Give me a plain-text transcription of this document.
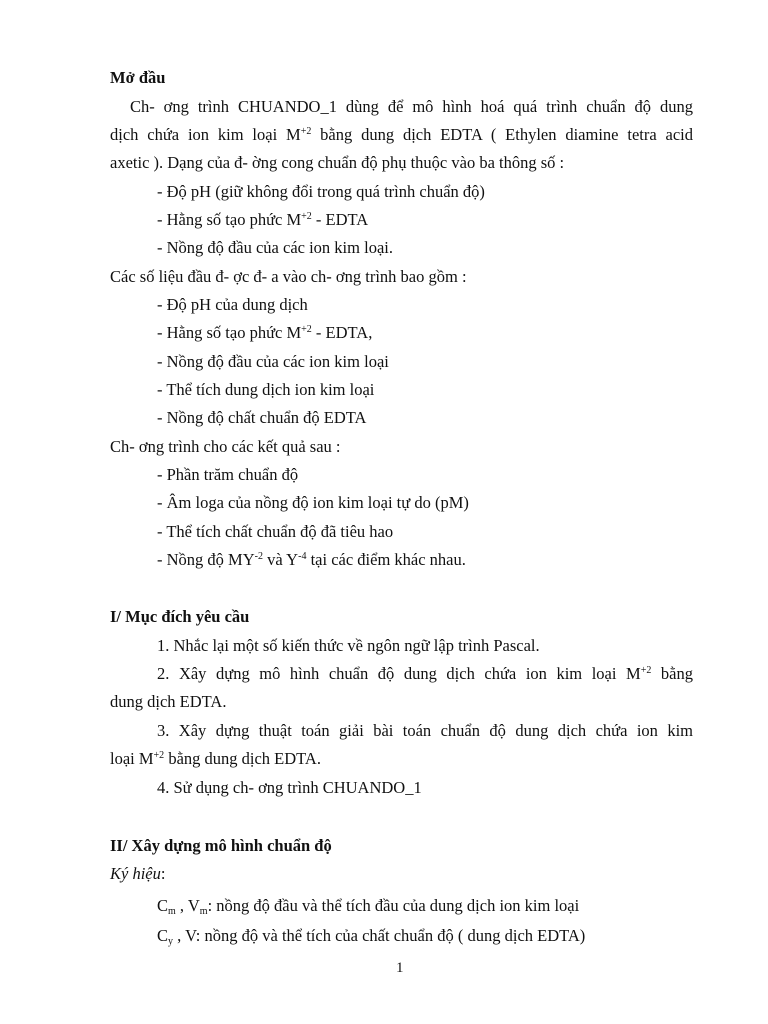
Mở đầu
Ch- ơng trình CHUANDO_1 dùng để mô hình hoá quá trình chuẩn độ dung
dịch chứa ion kim loại $M^{+2}$ bằng dung dịch EDTA ( Ethylen diamine tetra acid
axetic ). Dạng của đ- ờng cong chuẩn độ phụ thuộc vào ba thông số :
- Độ pH (giữ không đổi trong quá trình chuẩn độ)
- Hằng số tạo phức $M^{+2}$ - EDTA
- Nồng độ đầu của các ion kim loại.
Các số liệu đầu đ- ợc đ- a vào ch- ơng trình bao gồm :
- Độ pH của dung dịch
- Hằng số tạo phức $M^{+2}$ - EDTA,
- Nồng độ đầu của các ion kim loại
- Thể tích dung dịch ion kim loại
- Nồng độ chất chuẩn độ EDTA
Ch- ơng trình cho các kết quả sau :
- Phần trăm chuẩn độ
- Âm loga của nồng độ ion kim loại tự do (pM)
- Thể tích chất chuẩn độ đã tiêu hao
- Nồng độ $MY^{-2}$ và $Y^{-4}$ tại các điểm khác nhau.
I/ Mục đích yêu cầu
1. Nhắc lại một số kiến thức về ngôn ngữ lập trình Pascal.
2. Xây dựng mô hình chuẩn độ dung dịch chứa ion kim loại $M^{+2}$ bằng
dung dịch EDTA.
3. Xây dựng thuật toán giải bài toán chuẩn độ dung dịch chứa ion kim
loại $M^{+2}$ bằng dung dịch EDTA.
4. Sử dụng ch- ơng trình CHUANDO_1
II/ Xây dựng mô hình chuẩn độ
Ký hiệu:
$C_m$ , $V_m$: nồng độ đầu và thể tích đầu của dung dịch ion kim loại
$C_y$ , V: nồng độ và thể tích của chất chuẩn độ ( dung dịch EDTA)
1
